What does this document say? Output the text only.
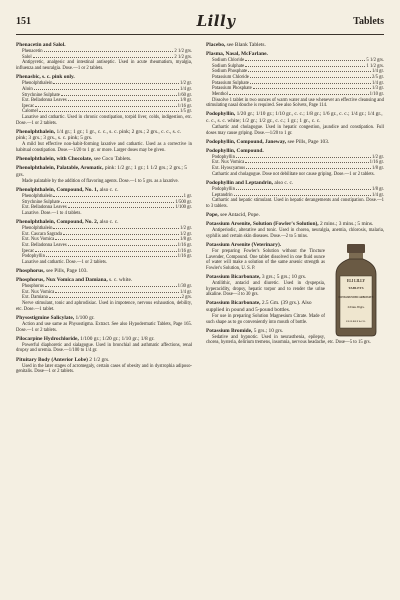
151	Lilly	Tablets
Phenacetin and Salol.
Phenacetin	2 1/2 grs.
Salol	2 1/2 grs.
Antipyretic, analgesic and intestinal antiseptic. Used in acute rheumatism, myalgia, influenza and neuralgia. Dose.—1 or 2 tablets.
Phenasbic, s. c. pink only.
Phenolphthalein	1/2 gr.
Aloin	1/4 gr.
Strychnine Sulphate	1/60 gr.
Ext. Belladonna Leaves	1/8 gr.
Ipecac	1/16 gr.
Calomel	1/5 gr.
Laxative and cathartic. Used in chronic constipation, torpid liver, colds, indigestion, etc. Dose.—1 or 2 tablets.
Phenolphthalein, 1/4 gr.; 1 gr.; 1 gr., c. c., s. c. pink; 2 grs.; 2 grs., c. c., s. c. pink; 3 grs.; 3 grs., s. c. pink; 5 grs.
A mild but effective non-habit-forming laxative and cathartic. Used as a corrective in habitual constipation. Dose.—1/20 to 1 gr. or more. Larger doses may be given.
Phenolphthalein, with Chocolate, see Coco Tablets.
Phenolphthalein, Palatable, Aromatic, pink: 1/2 gr.; 1 gr.; 1 1/2 grs.; 2 grs.; 5 grs.
Made palatable by the addition of flavoring agents. Dose.—1 to 5 grs. as a laxative.
Phenolphthalein, Compound, No. 1, also c. c.
Phenolphthalein	1 gr.
Strychnine Sulphate	1/500 gr.
Ext. Belladonna Leaves	1/100 gr.
Laxative. Dose.—1 to 4 tablets.
Phenolphthalein, Compound, No. 2, also c. c.
Phenolphthalein	1/2 gr.
Ext. Cascara Sagrada	1/2 gr.
Ext. Nux Vomica	1/8 gr.
Ext. Belladonna Leaves	1/16 gr.
Ipecac	1/16 gr.
Podophyllin	1/16 gr.
Laxative and cathartic. Dose.—1 or 2 tablets.
Phosphorus, see Pills, Page 103.
Phosphorus, Nux Vomica and Damiana, s. c. white.
Phosphorus	1/30 gr.
Ext. Nux Vomica	1/4 gr.
Ext. Damiana	2 grs.
Nerve stimulant, tonic and aphrodisiac. Used in impotence, nervous exhaustion, debility, etc. Dose.—1 tablet.
Physostigmine Salicylate, 1/100 gr.
Action and use same as Physostigma. Extract. See also Hypodermatic Tablets, Page 165. Dose.—1 or 2 tablets.
Pilocarpine Hydrochloride, 1/100 gr.; 1/20 gr.; 1/10 gr.; 1/8 gr.
Powerful diaphoretic and sialagogue. Used in bronchial and asthmatic affections, renal dropsy and uremia. Dose.—1/100 to 1/4 gr.
Pituitary Body (Anterior Lobe) 2 1/2 grs.
Used in the later stages of acromegaly, certain cases of obesity and in dystrophia adiposo-genitalis. Dose—1 or 2 tablets.
Placebo, see Blank Tablets.
Plasma, Nasal, McFarlane.
Sodium Chloride	5 1/2 grs.
Sodium Sulphate	1 1/2 grs.
Sodium Phosphate	1/4 gr.
Potassium Chloride	2/5 gr.
Potassium Sulphate	1/4 gr.
Potassium Phosphate	1/3 gr.
Menthol	1/10 gr.
Dissolve 1 tablet in two ounces of warm water and use whenever an effective cleansing and stimulating nasal douche is required. See also Solvets, Page 114.
Podophyllin, 1/20 gr.; 1/10 gr.; 1/10 gr., c. c.; 1/8 gr.; 1/6 gr., c. c.; 1/4 gr.; 1/4 gr., c. c., s. c. white; 1/2 gr.; 1/2 gr., c. c.; 1 gr.; 1 gr., c. c.
Cathartic and cholagogue. Used in hepatic congestion, jaundice and constipation. Full doses may cause griping. Dose.—1/20 to 1 gr.
Podophyllin, Compound, Janeway, see Pills, Page 103.
Podophyllin, Compound.
Podophyllin	1/2 gr.
Ext. Nux Vomica	1/16 gr.
Ext. Hyoscyamus	1/8 gr.
Cathartic and cholagogue. Dose not debilitate nor cause griping. Dose.—1 or 2 tablets.
Podophyllin and Leptandrin, also c. c.
Podophyllin	1/8 gr.
Leptandrin	1/4 gr.
Cathartic and hepatic stimulant. Used in hepatic derangements and constipation. Dose.—1 to 3 tablets.
Pope, see Antacid, Pope.
Potassium Arsenite, Solution (Fowler's Solution), 2 mins.; 3 mins.; 5 mins.
Antiperiodic, alterative and tonic. Used in chorea, neuralgia, anemia, chlorosis, malaria, syphilis and certain skin diseases. Dose.—2 to 5 mins.
ELI LILLY
TABLETS
POTASSIUM BICARBONATE
2.5 Gm. 39 grs.
ELI LILLY & CO.
Potassium Arsenite (Veterinary).
For preparing Fowler's Solution without the Tincture Lavender, Compound. One tablet dissolved in one fluid ounce of water will make a solution of the same arsenic strength as Fowler's Solution, U. S. P.
Potassium Bicarbonate, 3 grs.; 5 grs.; 10 grs.
Antilithic, antacid and diuretic. Used in dyspepsia, hyperacidity, dropsy, hepatic torpor and to render the urine alkaline. Dose—3 to 30 grs.
Potassium Bicarbonate, 2.5 Gm. (39 grs.). Also supplied in pound and 5-pound bottles.
For use in preparing Solution Magnesium Citrate. Made of such shape as to go conveniently into mouth of bottle.
Potassium Bromide, 5 grs.; 10 grs.
Sedative and hypnotic. Used in neurasthenia, epilepsy, chorea, hysteria, delirium tremens, insomnia, nervous headache, etc. Dose—5 to 15 grs.
